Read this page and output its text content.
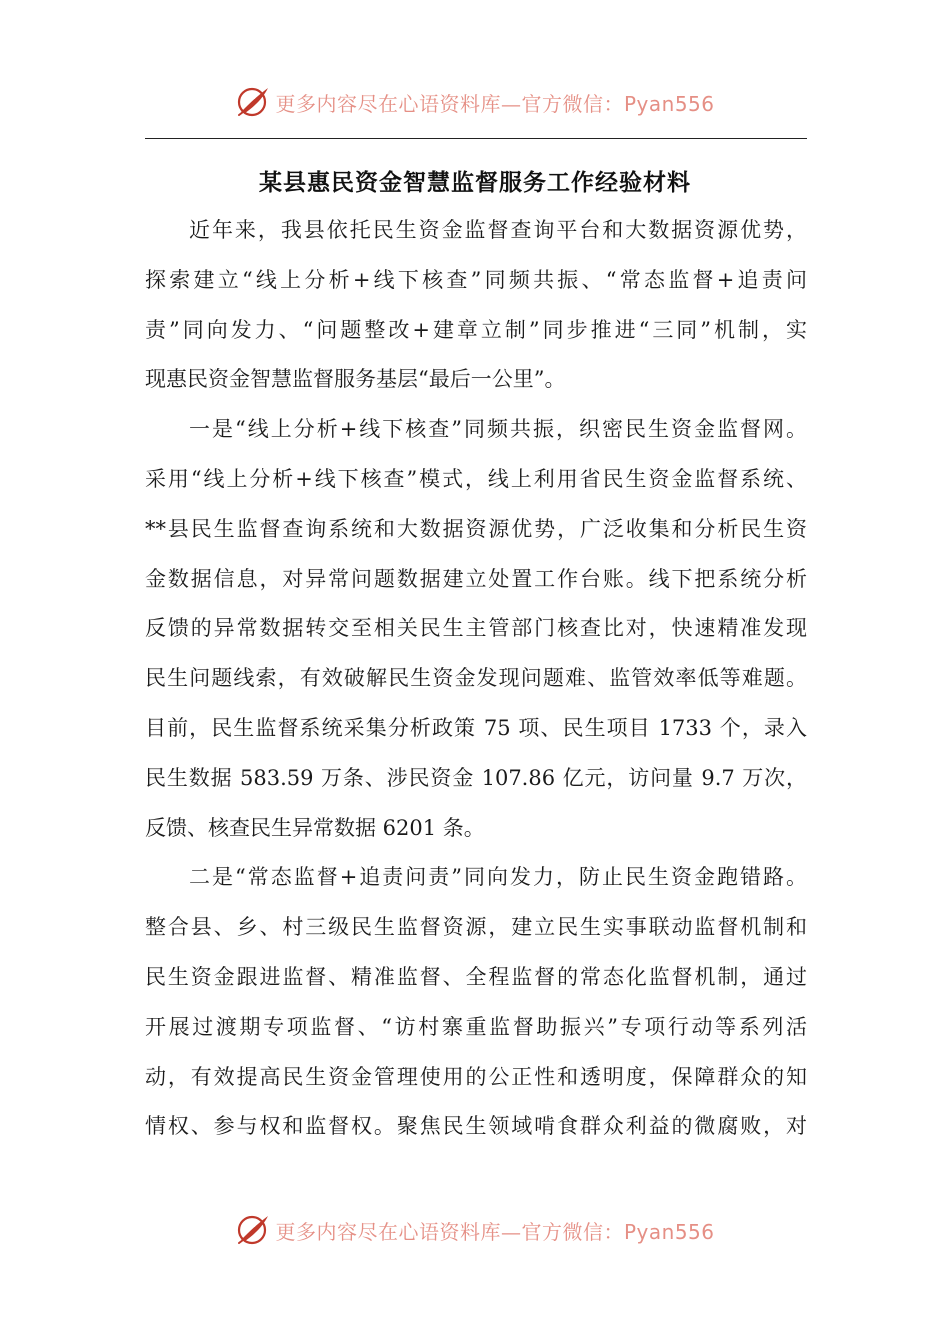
更多内容尽在心语资料库—官方微信：Pyan556
某县惠民资金智慧监督服务工作经验材料
近年来，我县依托民生资金监督查询平台和大数据资源优势，
探索建立“线上分析+线下核查”同频共振、“常态监督+追责问
责”同向发力、“问题整改+建章立制”同步推进“三同”机制，实
现惠民资金智慧监督服务基层“最后一公里”。
一是“线上分析+线下核查”同频共振，织密民生资金监督网。
采用“线上分析+线下核查”模式，线上利用省民生资金监督系统、
**县民生监督查询系统和大数据资源优势，广泛收集和分析民生资
金数据信息，对异常问题数据建立处置工作台账。线下把系统分析
反馈的异常数据转交至相关民生主管部门核查比对，快速精准发现
民生问题线索，有效破解民生资金发现问题难、监管效率低等难题。
目前，民生监督系统采集分析政策 75 项、民生项目 1733 个，录入
民生数据 583.59 万条、涉民资金 107.86 亿元，访问量 9.7 万次，
反馈、核查民生异常数据 6201 条。
二是“常态监督+追责问责”同向发力，防止民生资金跑错路。
整合县、乡、村三级民生监督资源，建立民生实事联动监督机制和
民生资金跟进监督、精准监督、全程监督的常态化监督机制，通过
开展过渡期专项监督、“访村寨重监督助振兴”专项行动等系列活
动，有效提高民生资金管理使用的公正性和透明度，保障群众的知
情权、参与权和监督权。聚焦民生领域啃食群众利益的微腐败，对
更多内容尽在心语资料库—官方微信：Pyan556
